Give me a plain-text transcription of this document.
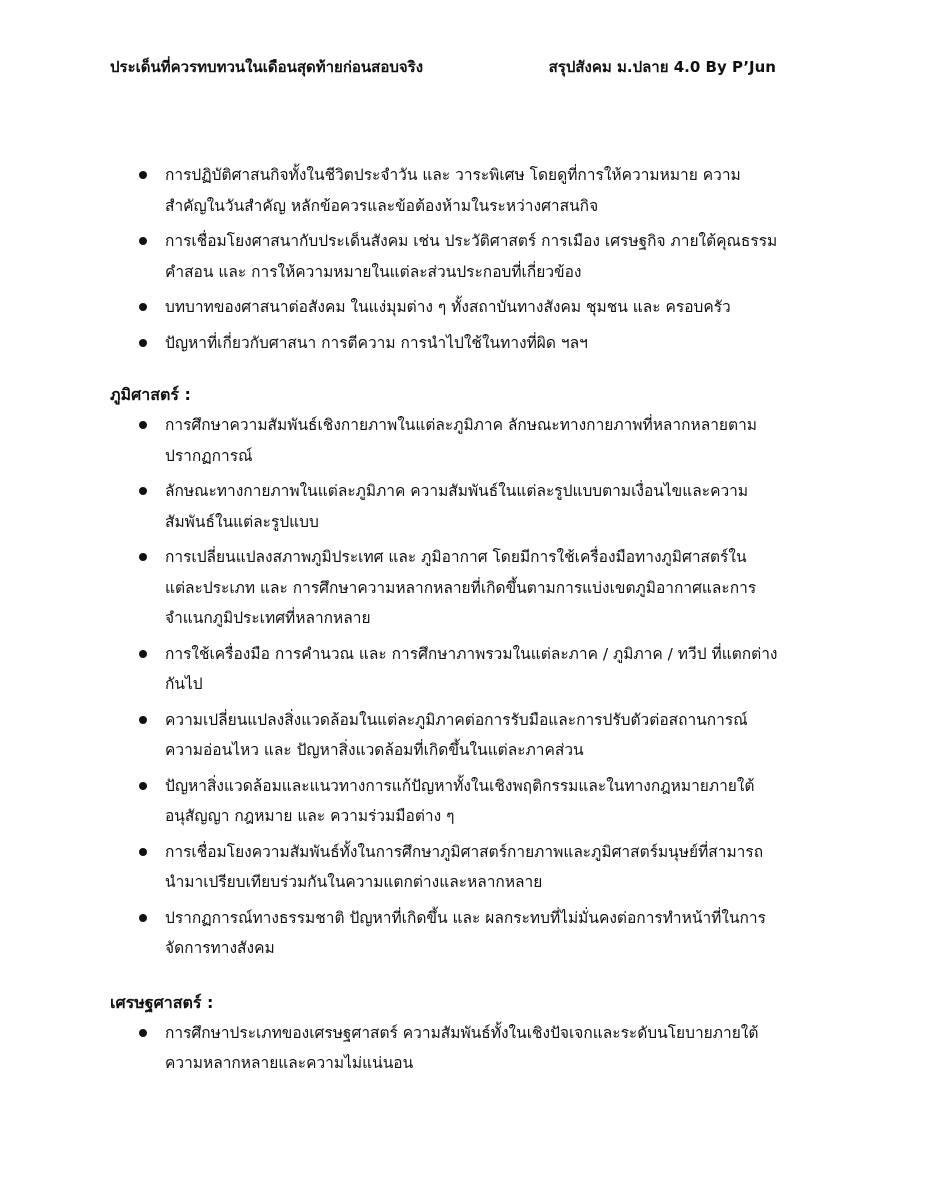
ประเด็นที่ควรทบทวนในเดือนสุดท้ายก่อนสอบจริง	สรุปสังคม ม.ปลาย 4.0 By P’Jun
การปฏิบัติศาสนกิจทั้งในชีวิตประจำวัน และ วาระพิเศษ โดยดูที่การให้ความหมาย ความสำคัญในวันสำคัญ หลักข้อควรและข้อต้องห้ามในระหว่างศาสนกิจ
การเชื่อมโยงศาสนากับประเด็นสังคม เช่น ประวัติศาสตร์ การเมือง เศรษฐกิจ ภายใต้คุณธรรม คำสอน และ การให้ความหมายในแต่ละส่วนประกอบที่เกี่ยวข้อง
บทบาทของศาสนาต่อสังคม ในแง่มุมต่าง ๆ ทั้งสถาบันทางสังคม ชุมชน และ ครอบครัว
ปัญหาที่เกี่ยวกับศาสนา การตีความ การนำไปใช้ในทางที่ผิด ฯลฯ

ภูมิศาสตร์ :

การศึกษาความสัมพันธ์เชิงกายภาพในแต่ละภูมิภาค ลักษณะทางกายภาพที่หลากหลายตามปรากฏการณ์
ลักษณะทางกายภาพในแต่ละภูมิภาค ความสัมพันธ์ในแต่ละรูปแบบตามเงื่อนไขและความสัมพันธ์ในแต่ละรูปแบบ
การเปลี่ยนแปลงสภาพภูมิประเทศ และ ภูมิอากาศ โดยมีการใช้เครื่องมือทางภูมิศาสตร์ในแต่ละประเภท และ การศึกษาความหลากหลายที่เกิดขึ้นตามการแบ่งเขตภูมิอากาศและการจำแนกภูมิประเทศที่หลากหลาย
การใช้เครื่องมือ การคำนวณ และ การศึกษาภาพรวมในแต่ละภาค / ภูมิภาค / ทวีป ที่แตกต่างกันไป
ความเปลี่ยนแปลงสิ่งแวดล้อมในแต่ละภูมิภาคต่อการรับมือและการปรับตัวต่อสถานการณ์ ความอ่อนไหว และ ปัญหาสิ่งแวดล้อมที่เกิดขึ้นในแต่ละภาคส่วน
ปัญหาสิ่งแวดล้อมและแนวทางการแก้ปัญหาทั้งในเชิงพฤติกรรมและในทางกฎหมายภายใต้อนุสัญญา กฎหมาย และ ความร่วมมือต่าง ๆ
การเชื่อมโยงความสัมพันธ์ทั้งในการศึกษาภูมิศาสตร์กายภาพและภูมิศาสตร์มนุษย์ที่สามารถนำมาเปรียบเทียบร่วมกันในความแตกต่างและหลากหลาย
ปรากฏการณ์ทางธรรมชาติ ปัญหาที่เกิดขึ้น และ ผลกระทบที่ไม่มั่นคงต่อการทำหน้าที่ในการจัดการทางสังคม

เศรษฐศาสตร์ :

การศึกษาประเภทของเศรษฐศาสตร์ ความสัมพันธ์ทั้งในเชิงปัจเจกและระดับนโยบายภายใต้ความหลากหลายและความไม่แน่นอน
